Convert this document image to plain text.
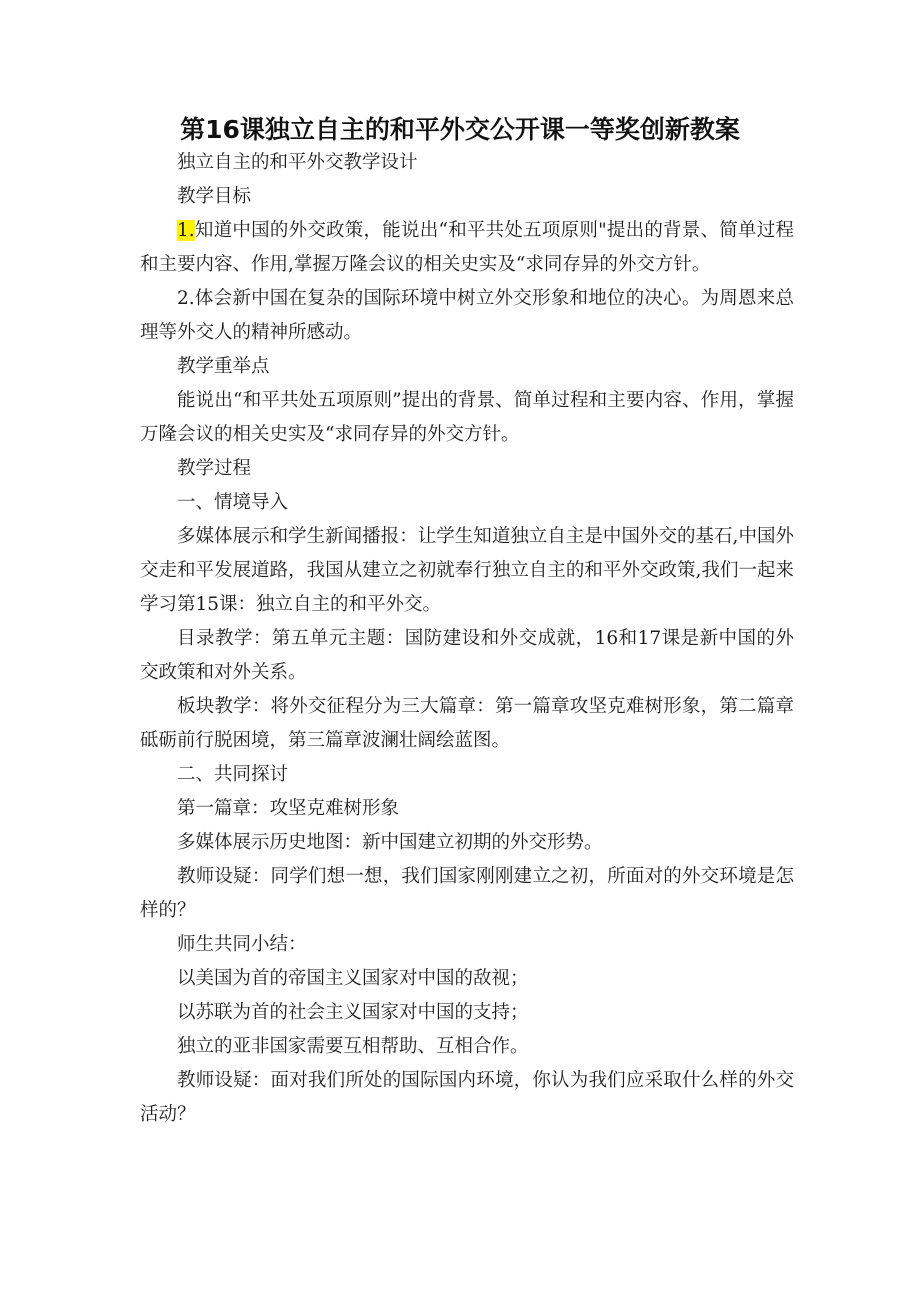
第16课独立自主的和平外交公开课一等奖创新教案

独立自主的和平外交教学设计

教学目标

1.知道中国的外交政策，能说出“和平共处五项原则"提出的背景、简单过程和主要内容、作用,掌握万隆会议的相关史实及“求同存异的外交方针。

2.体会新中国在复杂的国际环境中树立外交形象和地位的决心。为周恩来总理等外交人的精神所感动。

教学重举点

能说出“和平共处五项原则”提出的背景、简单过程和主要内容、作用，掌握万隆会议的相关史实及“求同存异的外交方针。

教学过程

一、情境导入

多媒体展示和学生新闻播报：让学生知道独立自主是中国外交的基石,中国外交走和平发展道路，我国从建立之初就奉行独立自主的和平外交政策,我们一起来学习第15课：独立自主的和平外交。

目录教学：第五单元主题：国防建设和外交成就，16和17课是新中国的外交政策和对外关系。

板块教学：将外交征程分为三大篇章：第一篇章攻坚克难树形象，第二篇章砥砺前行脱困境，第三篇章波澜壮阔绘蓝图。

二、共同探讨

第一篇章：攻坚克难树形象

多媒体展示历史地图：新中国建立初期的外交形势。

教师设疑：同学们想一想，我们国家刚刚建立之初，所面对的外交环境是怎样的？

师生共同小结：

以美国为首的帝国主义国家对中国的敌视；

以苏联为首的社会主义国家对中国的支持；

独立的亚非国家需要互相帮助、互相合作。

教师设疑：面对我们所处的国际国内环境，你认为我们应采取什么样的外交活动？
